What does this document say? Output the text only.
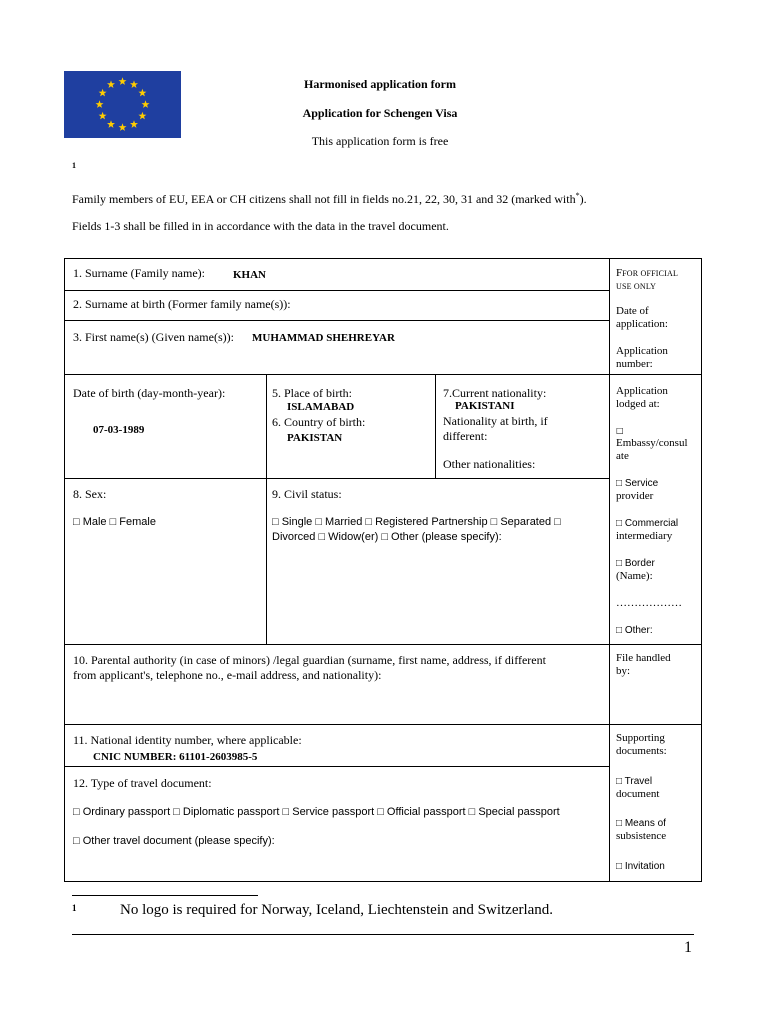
Harmonised application form
Application for Schengen Visa
This application form is free
1
Family members of EU, EEA or CH citizens shall not fill in fields no.21, 22, 30, 31 and 32 (marked with*).
Fields 1-3 shall be filled in in accordance with the data in the travel document.
1. Surname (Family name):	KHAN
2. Surname at birth (Former family name(s)):
3. First name(s) (Given name(s)): MUHAMMAD SHEHREYAR
Date of birth (day-month-year):
07-03-1989
5. Place of birth:
ISLAMABAD
6. Country of birth:
PAKISTAN
7.Current nationality:
PAKISTANI
Nationality at birth, if
different:
Other nationalities:
8. Sex:
□ Male □ Female
9. Civil status:
□ Single □ Married □ Registered Partnership □ Separated □
Divorced □ Widow(er) □ Other (please specify):
10. Parental authority (in case of minors) /legal guardian (surname, first name, address, if different
from applicant's, telephone no., e-mail address, and nationality):
11. National identity number, where applicable:
CNIC NUMBER: 61101-2603985-5
12. Type of travel document:
□ Ordinary passport □ Diplomatic passport □ Service passport □ Official passport □ Special passport
□ Other travel document (please specify):
FFOR OFFICIAL
USE ONLY
Date of
application:
Application
number:
Application
lodged at:
□
Embassy/consul
ate
□ Service
provider
□ Commercial
intermediary
□ Border
(Name):
………………
□ Other:
File handled
by:
Supporting
documents:
□ Travel
document
□ Means of
subsistence
□ Invitation
1	No logo is required for Norway, Iceland, Liechtenstein and Switzerland.
1
